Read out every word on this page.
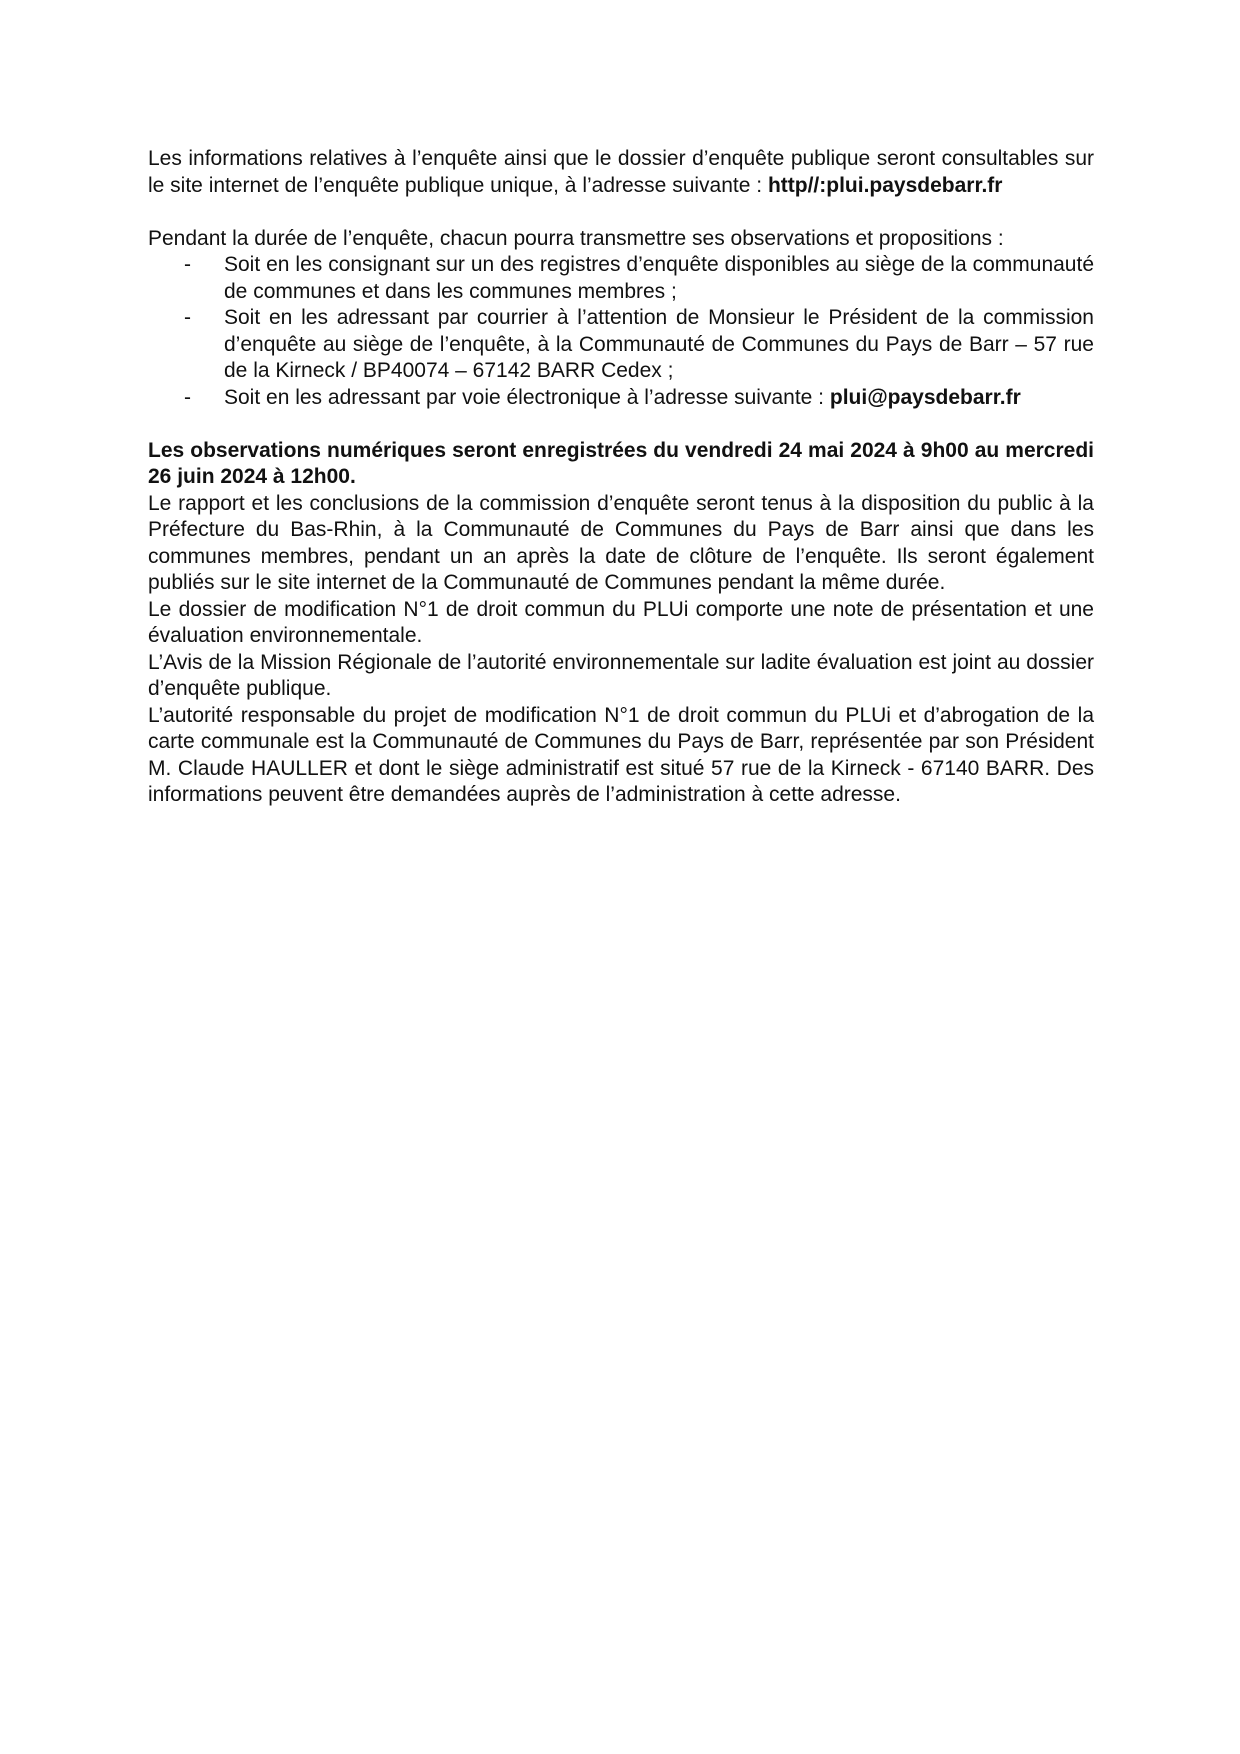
Les informations relatives à l’enquête ainsi que le dossier d’enquête publique seront consultables sur le site internet de l’enquête publique unique, à l’adresse suivante : http//:plui.paysdebarr.fr

Pendant la durée de l’enquête, chacun pourra transmettre ses observations et propositions :

- Soit en les consignant sur un des registres d’enquête disponibles au siège de la communauté de communes et dans les communes membres ;
- Soit en les adressant par courrier à l’attention de Monsieur le Président de la commission d’enquête au siège de l’enquête, à la Communauté de Communes du Pays de Barr – 57 rue de la Kirneck / BP40074 – 67142 BARR Cedex ;
- Soit en les adressant par voie électronique à l’adresse suivante : plui@paysdebarr.fr

Les observations numériques seront enregistrées du vendredi 24 mai 2024 à 9h00 au mercredi 26 juin 2024 à 12h00.

Le rapport et les conclusions de la commission d’enquête seront tenus à la disposition du public à la Préfecture du Bas-Rhin, à la Communauté de Communes du Pays de Barr ainsi que dans les communes membres, pendant un an après la date de clôture de l’enquête. Ils seront également publiés sur le site internet de la Communauté de Communes pendant la même durée.

Le dossier de modification N°1 de droit commun du PLUi comporte une note de présentation et une évaluation environnementale.

L’Avis de la Mission Régionale de l’autorité environnementale sur ladite évaluation est joint au dossier d’enquête publique.

L’autorité responsable du projet de modification N°1 de droit commun du PLUi et d’abrogation de la carte communale est la Communauté de Communes du Pays de Barr, représentée par son Président M. Claude HAULLER et dont le siège administratif est situé 57 rue de la Kirneck - 67140 BARR. Des informations peuvent être demandées auprès de l’administration à cette adresse.
